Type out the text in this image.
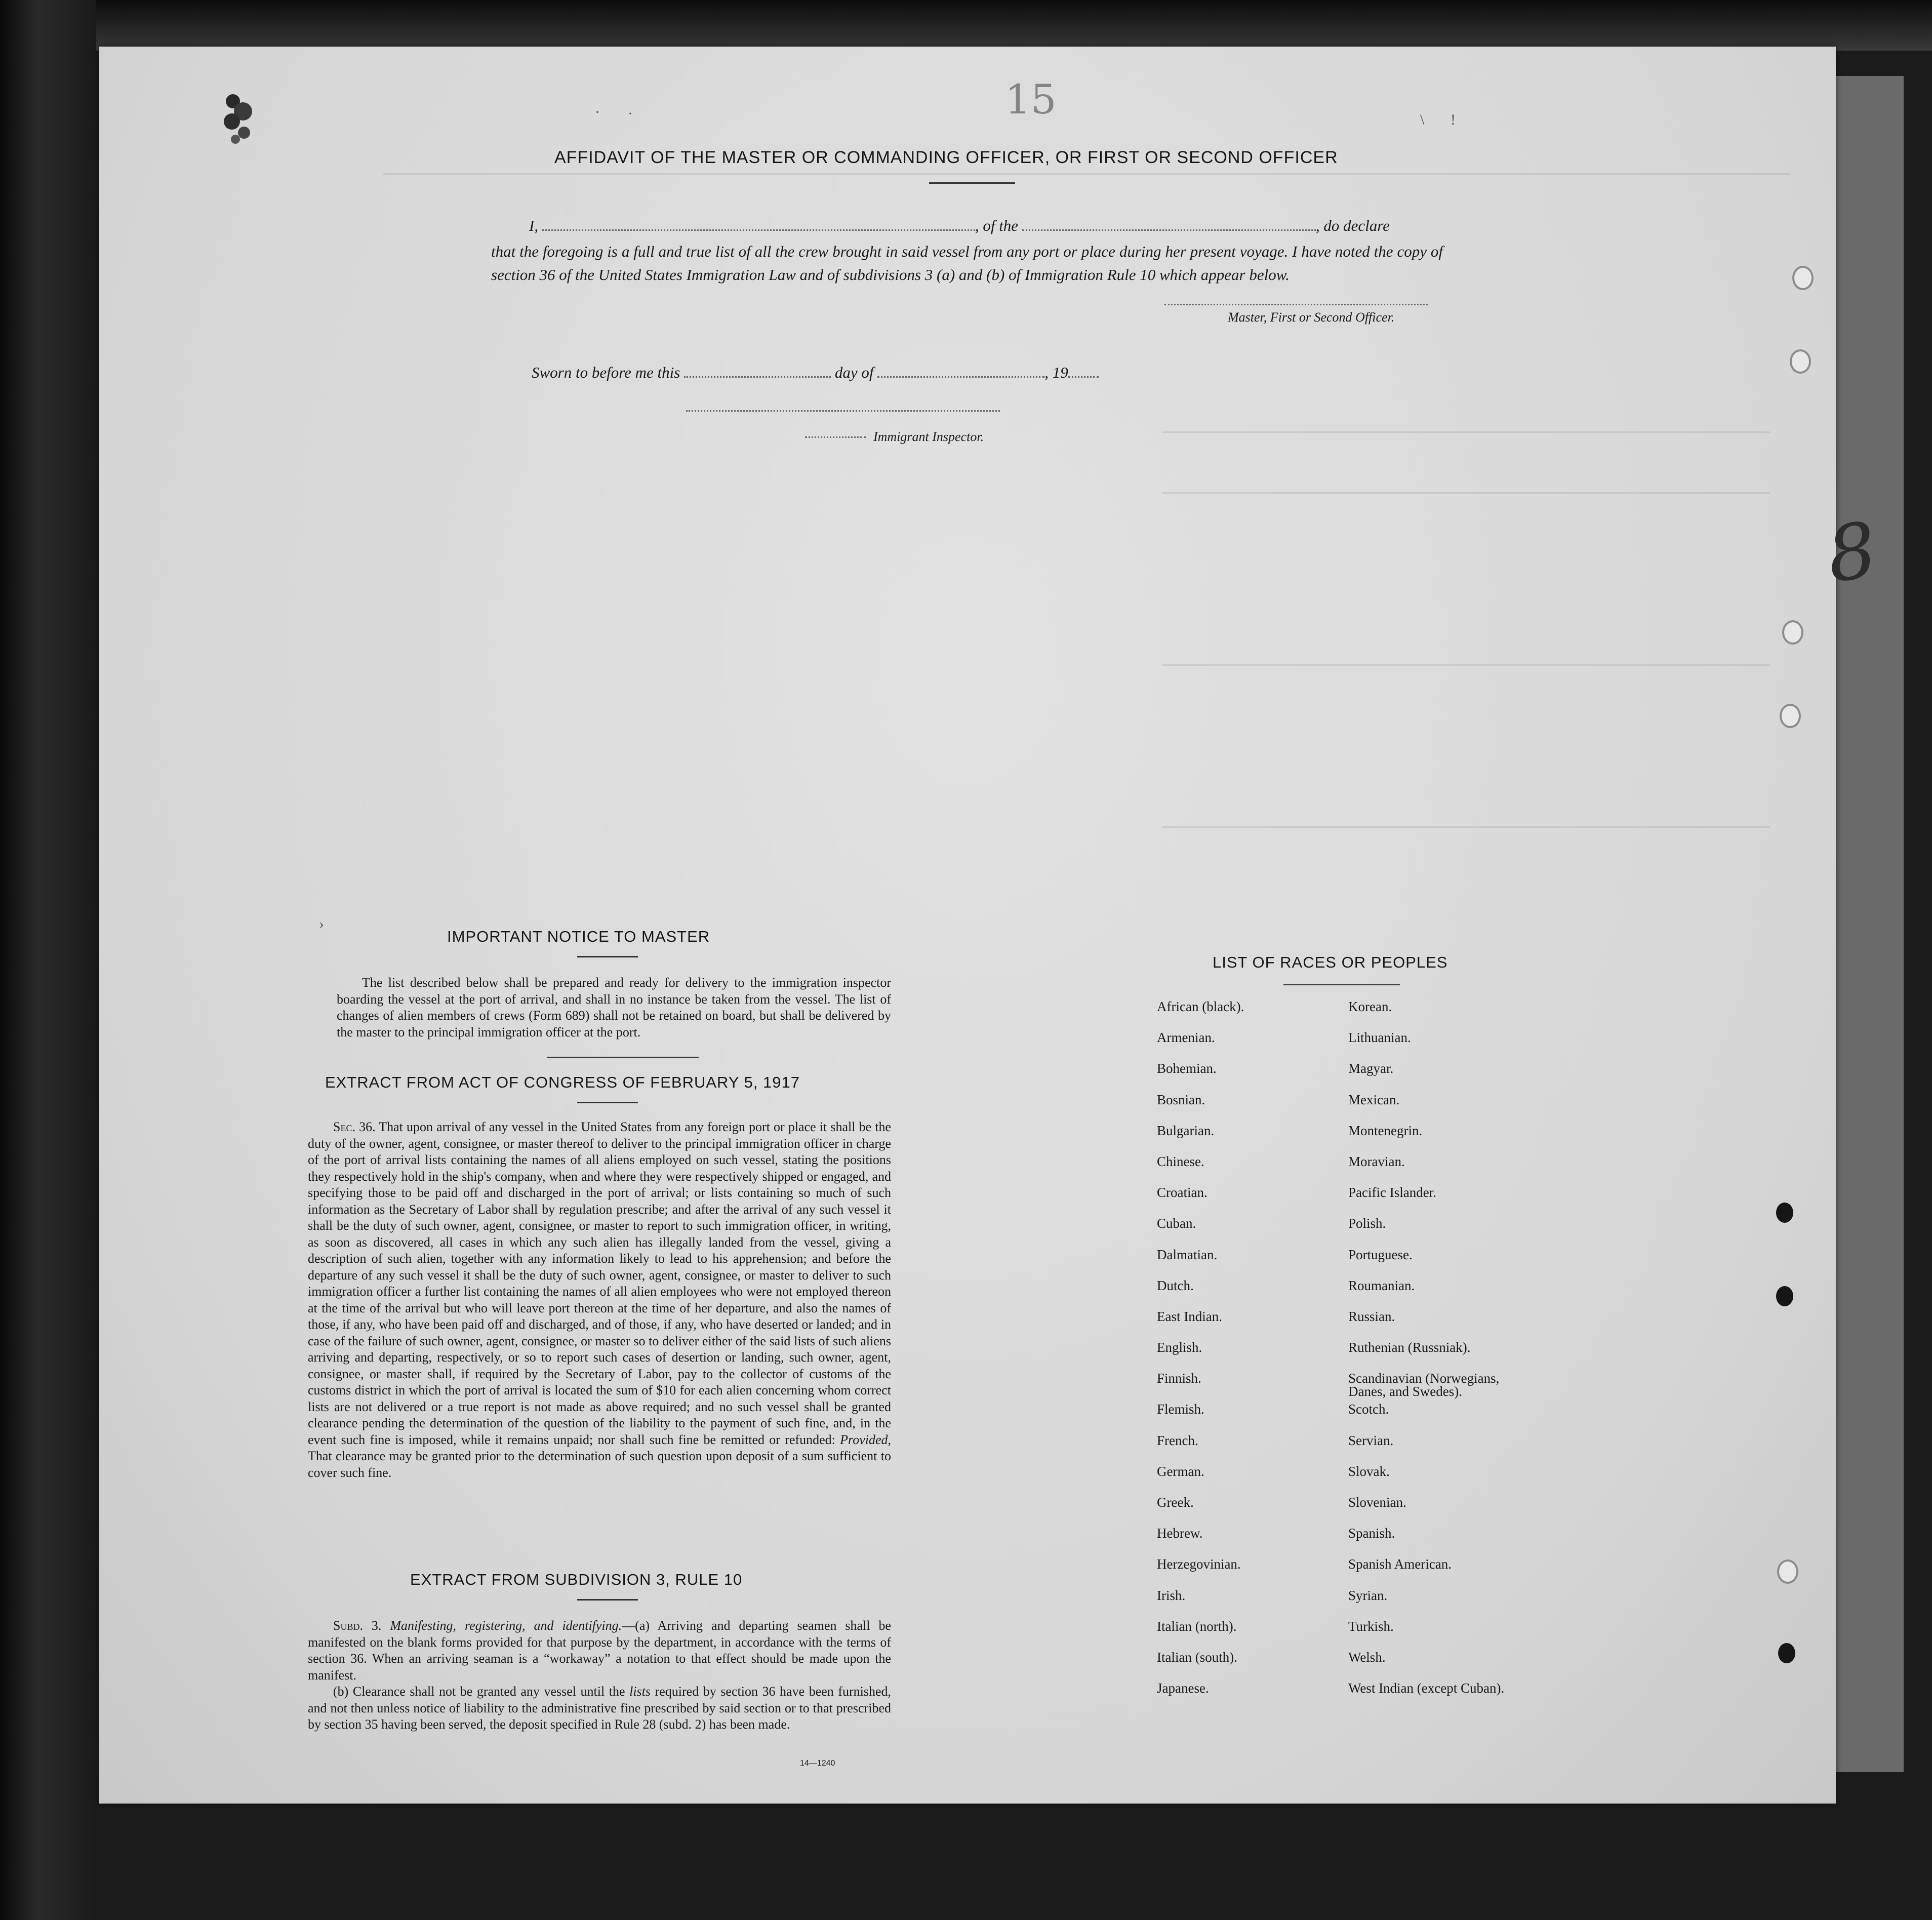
15
8
AFFIDAVIT OF THE MASTER OR COMMANDING OFFICER, OR FIRST OR SECOND OFFICER
I,	, of the	, do declare
that the foregoing is a full and true list of all the crew brought in said vessel from any port or place during her present voyage. I have noted the copy of section 36 of the United States Immigration Law and of subdivisions 3 (a) and (b) of Immigration Rule 10 which appear below.
Master, First or Second Officer.
Sworn to before me this	day of	, 19
Immigrant Inspector.
IMPORTANT NOTICE TO MASTER

The list described below shall be prepared and ready for delivery to the immigration inspector boarding the vessel at the port of arrival, and shall in no instance be taken from the vessel. The list of changes of alien members of crews (Form 689) shall not be retained on board, but shall be delivered by the master to the principal immigration officer at the port.

EXTRACT FROM ACT OF CONGRESS OF FEBRUARY 5, 1917

Sec. 36. That upon arrival of any vessel in the United States from any foreign port or place it shall be the duty of the owner, agent, consignee, or master thereof to deliver to the principal immigration officer in charge of the port of arrival lists containing the names of all aliens employed on such vessel, stating the positions they respectively hold in the ship's company, when and where they were respectively shipped or engaged, and specifying those to be paid off and discharged in the port of arrival; or lists containing so much of such information as the Secretary of Labor shall by regulation prescribe; and after the arrival of any such vessel it shall be the duty of such owner, agent, consignee, or master to report to such immigration officer, in writing, as soon as discovered, all cases in which any such alien has illegally landed from the vessel, giving a description of such alien, together with any information likely to lead to his apprehension; and before the departure of any such vessel it shall be the duty of such owner, agent, consignee, or master to deliver to such immigration officer a further list containing the names of all alien employees who were not employed thereon at the time of the arrival but who will leave port thereon at the time of her departure, and also the names of those, if any, who have been paid off and discharged, and of those, if any, who have deserted or landed; and in case of the failure of such owner, agent, consignee, or master so to deliver either of the said lists of such aliens arriving and departing, respectively, or so to report such cases of desertion or landing, such owner, agent, consignee, or master shall, if required by the Secretary of Labor, pay to the collector of customs of the customs district in which the port of arrival is located the sum of $10 for each alien concerning whom correct lists are not delivered or a true report is not made as above required; and no such vessel shall be granted clearance pending the determination of the question of the liability to the payment of such fine, and, in the event such fine is imposed, while it remains unpaid; nor shall such fine be remitted or refunded: Provided, That clearance may be granted prior to the determination of such question upon deposit of a sum sufficient to cover such fine.

EXTRACT FROM SUBDIVISION 3, RULE 10

Subd. 3. Manifesting, registering, and identifying.—(a) Arriving and departing seamen shall be manifested on the blank forms provided for that purpose by the department, in accordance with the terms of section 36. When an arriving seaman is a “workaway” a notation to that effect should be made upon the manifest.

(b) Clearance shall not be granted any vessel until the lists required by section 36 have been furnished, and not then unless notice of liability to the administrative fine prescribed by said section or to that prescribed by section 35 having been served, the deposit specified in Rule 28 (subd. 2) has been made.

14—1240
LIST OF RACES OR PEOPLES
African (black).	Korean.
Armenian.	Lithuanian.
Bohemian.	Magyar.
Bosnian.	Mexican.
Bulgarian.	Montenegrin.
Chinese.	Moravian.
Croatian.	Pacific Islander.
Cuban.	Polish.
Dalmatian.	Portuguese.
Dutch.	Roumanian.
East Indian.	Russian.
English.	Ruthenian (Russniak).
Finnish.	Scandinavian (Norwegians,
Danes, and Swedes).
Flemish.	Scotch.
French.	Servian.
German.	Slovak.
Greek.	Slovenian.
Hebrew.	Spanish.
Herzegovinian.	Spanish American.
Irish.	Syrian.
Italian (north).	Turkish.
Italian (south).	Welsh.
Japanese.	West Indian (except Cuban).
· ·	\ !
›
